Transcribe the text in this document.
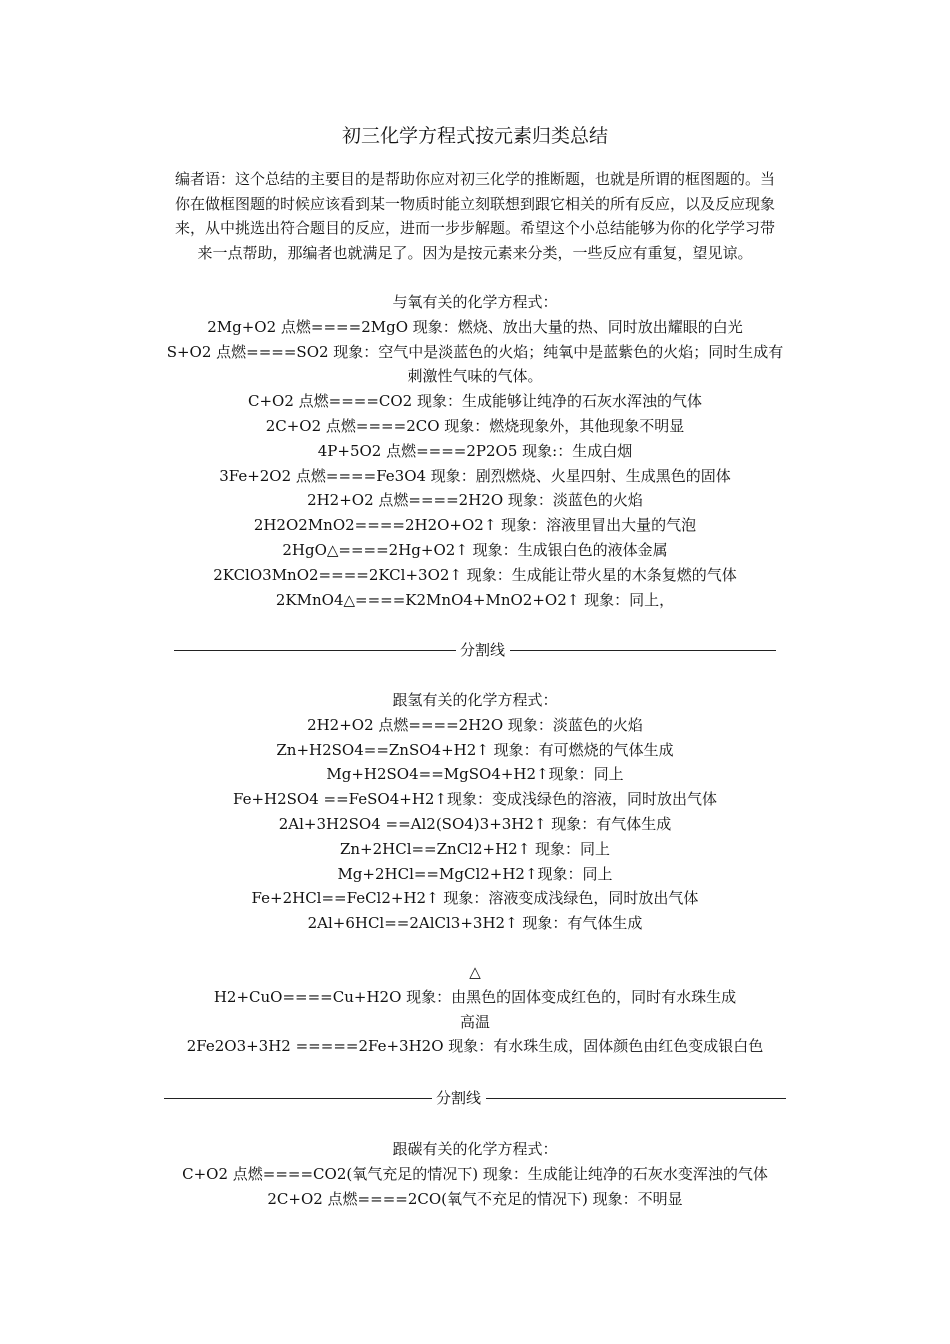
初三化学方程式按元素归类总结
编者语：这个总结的主要目的是帮助你应对初三化学的推断题，也就是所谓的框图题的。当
你在做框图题的时候应该看到某一物质时能立刻联想到跟它相关的所有反应，以及反应现象
来，从中挑选出符合题目的反应，进而一步步解题。希望这个小总结能够为你的化学学习带
来一点帮助，那编者也就满足了。因为是按元素来分类，一些反应有重复，望见谅。
与氧有关的化学方程式：
2Mg+O2 点燃====2MgO 现象：燃烧、放出大量的热、同时放出耀眼的白光
S+O2 点燃====SO2 现象：空气中是淡蓝色的火焰；纯氧中是蓝紫色的火焰；同时生成有
刺激性气味的气体。
C+O2 点燃====CO2 现象：生成能够让纯净的石灰水浑浊的气体
2C+O2 点燃====2CO 现象：燃烧现象外，其他现象不明显
4P+5O2 点燃====2P2O5 现象:：生成白烟
3Fe+2O2 点燃====Fe3O4 现象：剧烈燃烧、火星四射、生成黑色的固体
2H2+O2 点燃====2H2O 现象：淡蓝色的火焰
2H2O2MnO2====2H2O+O2↑ 现象：溶液里冒出大量的气泡
2HgO△====2Hg+O2↑ 现象：生成银白色的液体金属
2KClO3MnO2====2KCl+3O2↑ 现象：生成能让带火星的木条复燃的气体
2KMnO4△====K2MnO4+MnO2+O2↑ 现象：同上，
分割线
跟氢有关的化学方程式：
2H2+O2 点燃====2H2O 现象：淡蓝色的火焰
Zn+H2SO4==ZnSO4+H2↑ 现象：有可燃烧的气体生成
Mg+H2SO4==MgSO4+H2↑现象：同上
Fe+H2SO4 ==FeSO4+H2↑现象：变成浅绿色的溶液，同时放出气体
2Al+3H2SO4 ==Al2(SO4)3+3H2↑ 现象：有气体生成
Zn+2HCl==ZnCl2+H2↑ 现象：同上
Mg+2HCl==MgCl2+H2↑现象：同上
Fe+2HCl==FeCl2+H2↑ 现象：溶液变成浅绿色，同时放出气体
2Al+6HCl==2AlCl3+3H2↑ 现象：有气体生成
△
H2+CuO====Cu+H2O 现象：由黑色的固体变成红色的，同时有水珠生成
高温
2Fe2O3+3H2 =====2Fe+3H2O 现象：有水珠生成，固体颜色由红色变成银白色
分割线
跟碳有关的化学方程式：
C+O2 点燃====CO2(氧气充足的情况下) 现象：生成能让纯净的石灰水变浑浊的气体
2C+O2 点燃====2CO(氧气不充足的情况下) 现象：不明显
